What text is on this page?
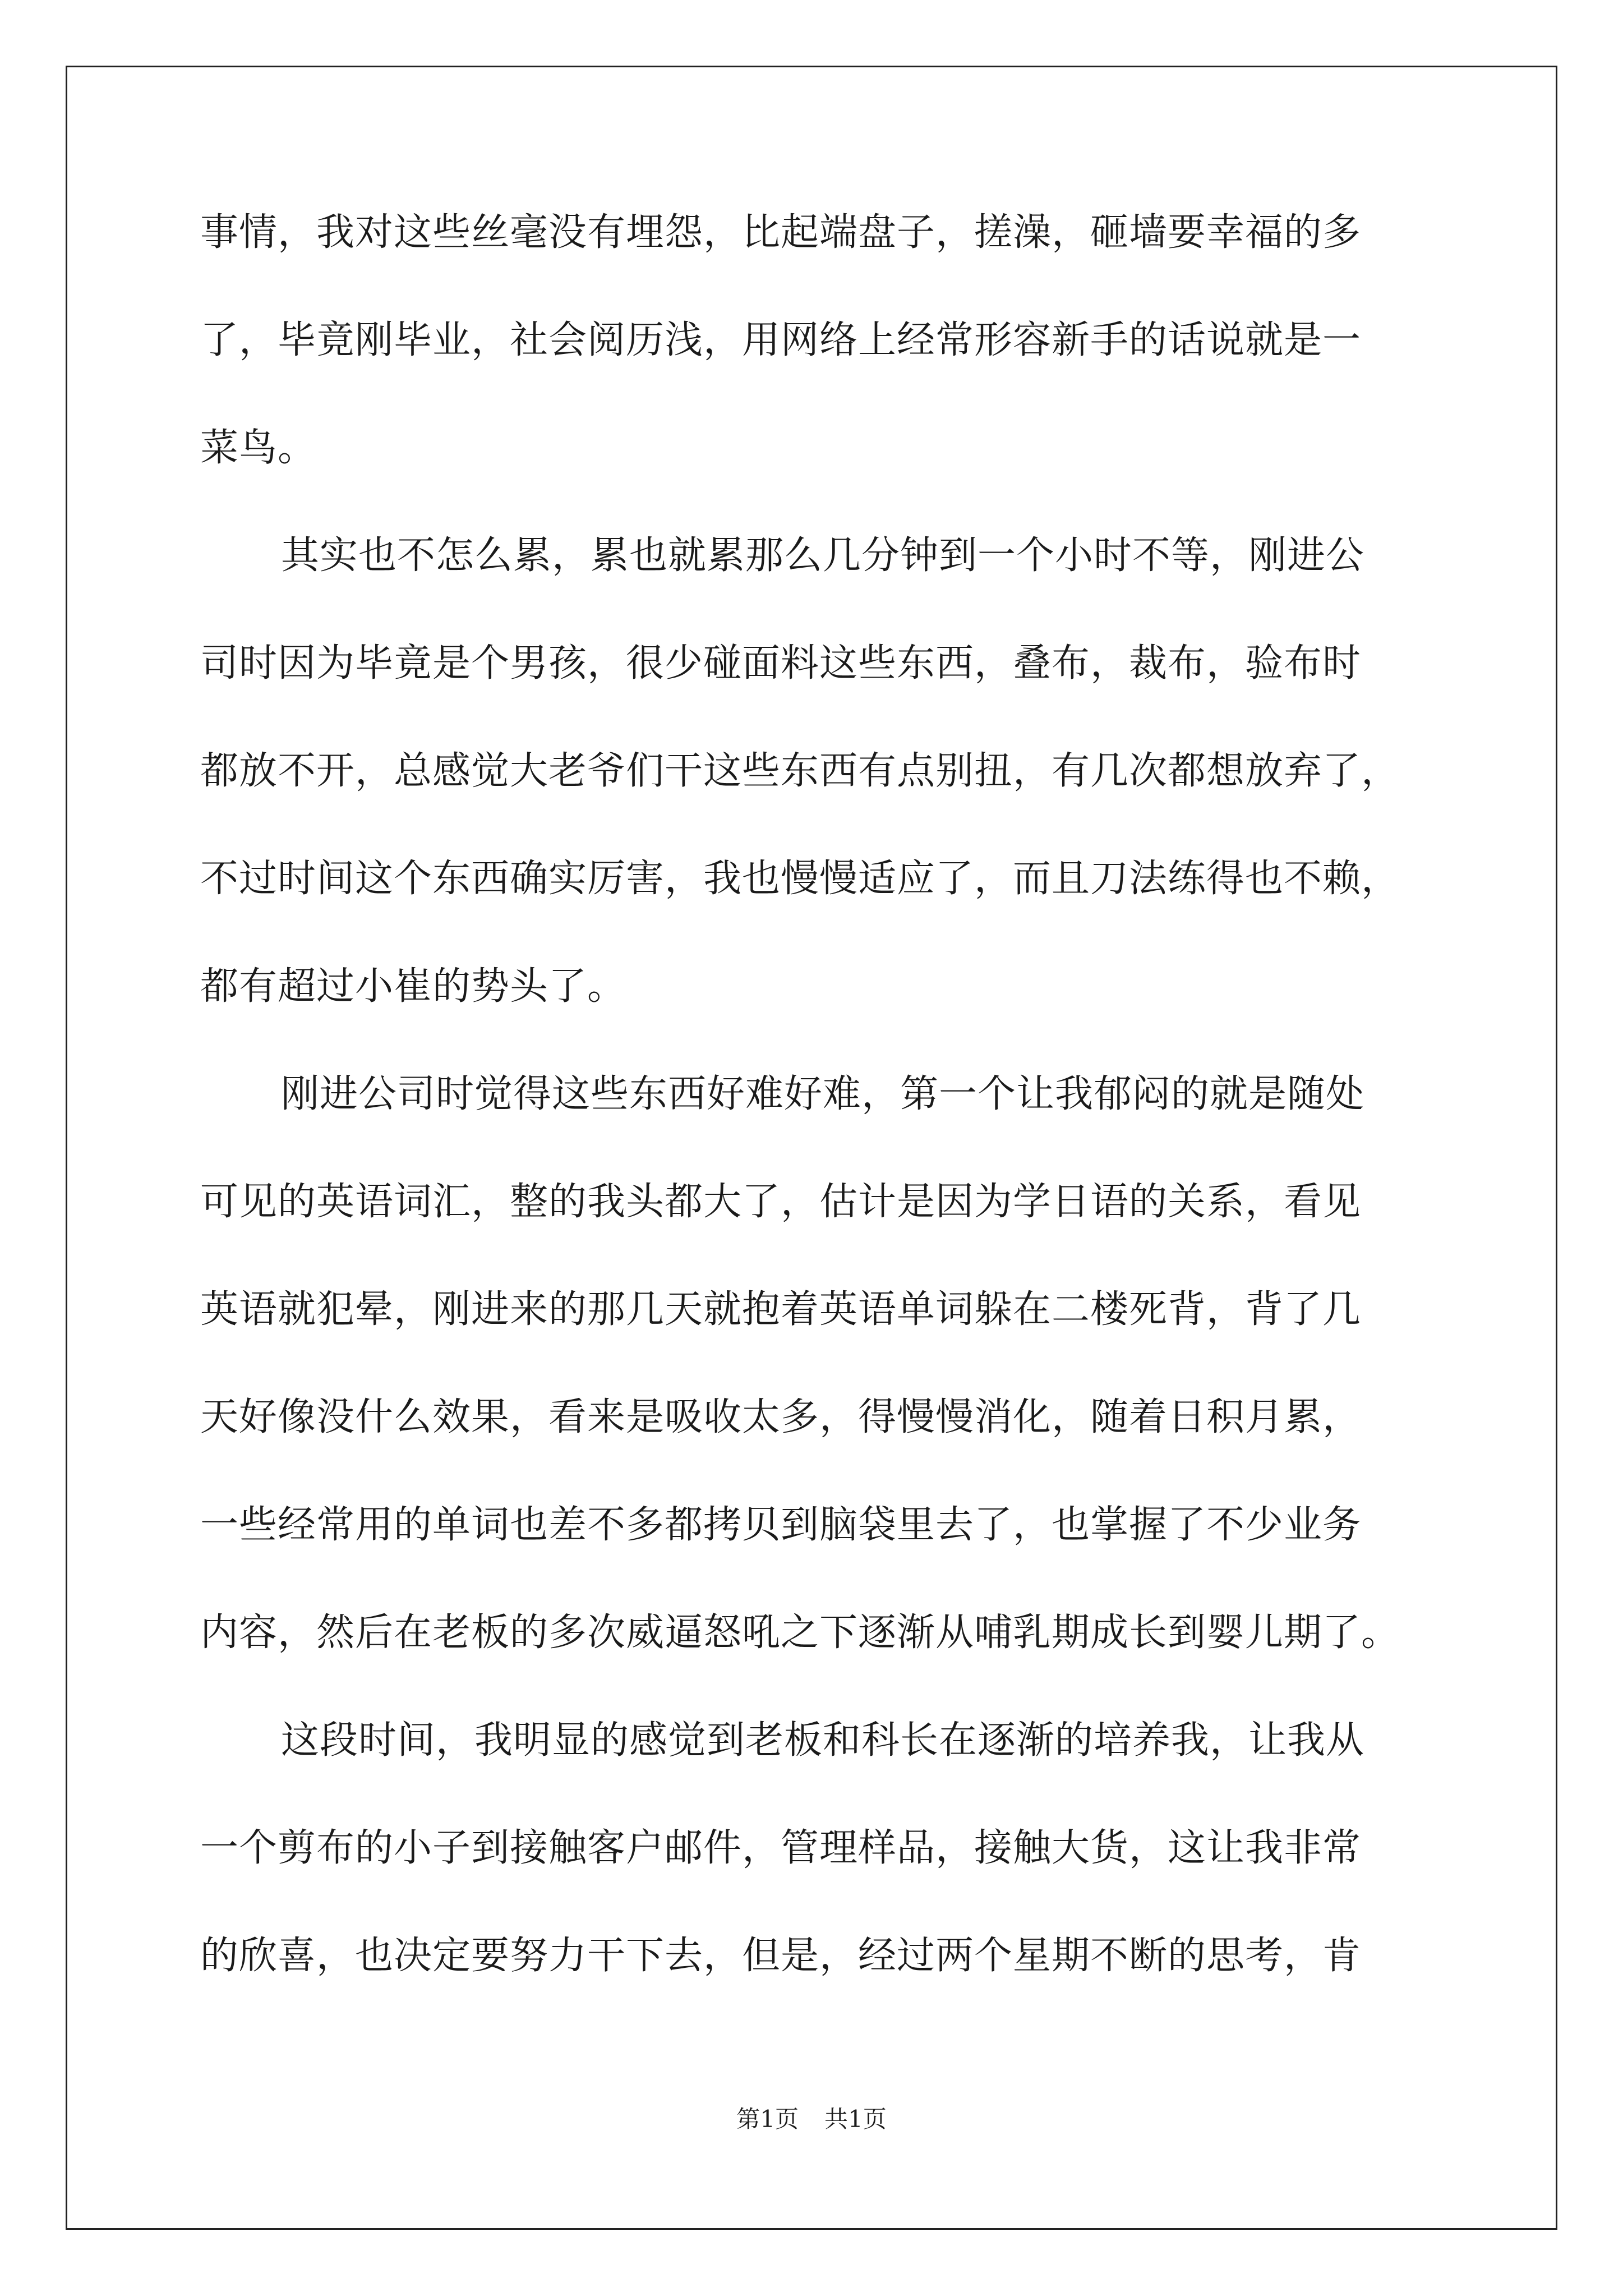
事情，我对这些丝毫没有埋怨，比起端盘子，搓澡，砸墙要幸福的多
了，毕竟刚毕业，社会阅历浅，用网络上经常形容新手的话说就是一
菜鸟。
其实也不怎么累，累也就累那么几分钟到一个小时不等，刚进公
司时因为毕竟是个男孩，很少碰面料这些东西，叠布，裁布，验布时
都放不开，总感觉大老爷们干这些东西有点别扭，有几次都想放弃了，
不过时间这个东西确实厉害，我也慢慢适应了，而且刀法练得也不赖，
都有超过小崔的势头了。
刚进公司时觉得这些东西好难好难，第一个让我郁闷的就是随处
可见的英语词汇，整的我头都大了，估计是因为学日语的关系，看见
英语就犯晕，刚进来的那几天就抱着英语单词躲在二楼死背，背了几
天好像没什么效果，看来是吸收太多，得慢慢消化，随着日积月累，
一些经常用的单词也差不多都拷贝到脑袋里去了，也掌握了不少业务
内容，然后在老板的多次威逼怒吼之下逐渐从哺乳期成长到婴儿期了。
这段时间，我明显的感觉到老板和科长在逐渐的培养我，让我从
一个剪布的小子到接触客户邮件，管理样品，接触大货，这让我非常
的欣喜，也决定要努力干下去，但是，经过两个星期不断的思考，肯
第1页 共1页
